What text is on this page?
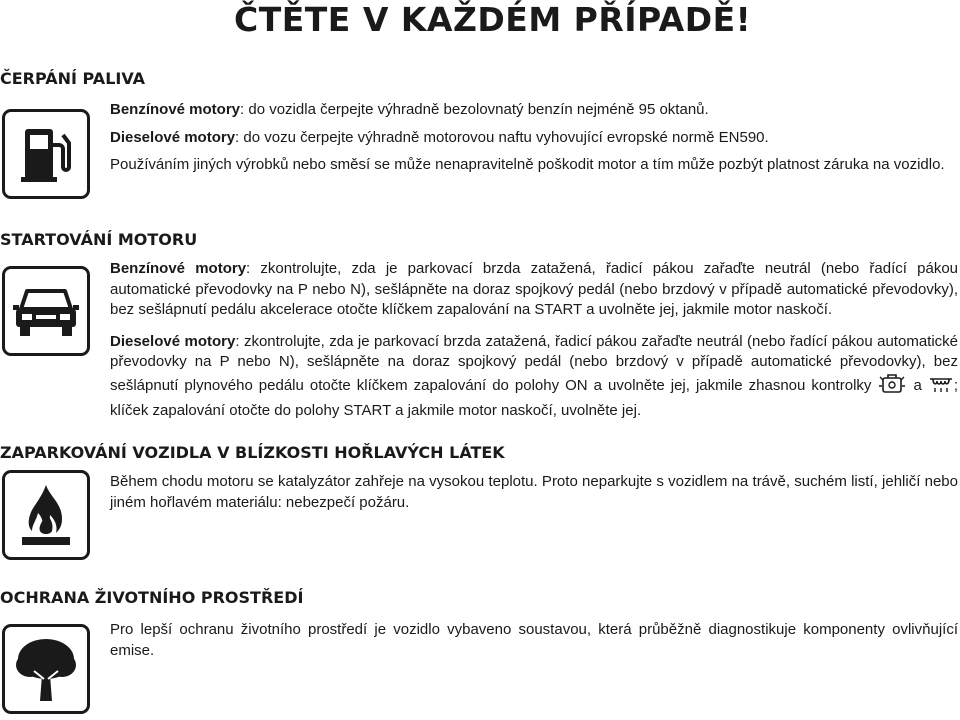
ČTĚTE V KAŽDÉM PŘÍPADĚ!
ČERPÁNÍ PALIVA

Benzínové motory: do vozidla čerpejte výhradně bezolovnatý benzín nejméně 95 oktanů.

Dieselové motory: do vozu čerpejte výhradně motorovou naftu vyhovující evropské normě EN590.

Používáním jiných výrobků nebo směsí se může nenapravitelně poškodit motor a tím může pozbýt platnost záruka na vozidlo.

STARTOVÁNÍ MOTORU

Benzínové motory: zkontrolujte, zda je parkovací brzda zatažená, řadicí pákou zařaďte neutrál (nebo řadící pákou automatické převodovky na P nebo N), sešlápněte na doraz spojkový pedál (nebo brzdový v případě automatické převodovky), bez sešlápnutí pedálu akcelerace otočte klíčkem zapalování na START a uvolněte jej, jakmile motor naskočí.

Dieselové motory: zkontrolujte, zda je parkovací brzda zatažená, řadicí pákou zařaďte neutrál (nebo řadící pákou automatické převodovky na P nebo N), sešlápněte na doraz spojkový pedál (nebo brzdový v případě automatické převodovky), bez sešlápnutí plynového pedálu otočte klíčkem zapalování do polohy ON a uvolněte jej, jakmile zhasnou kontrolky	a ; klíček zapalování otočte do polohy START a jakmile motor naskočí, uvolněte jej.

ZAPARKOVÁNÍ VOZIDLA V BLÍZKOSTI HOŘLAVÝCH LÁTEK

Během chodu motoru se katalyzátor zahřeje na vysokou teplotu. Proto neparkujte s vozidlem na trávě, suchém listí, jehličí nebo jiném hořlavém materiálu: nebezpečí požáru.

OCHRANA ŽIVOTNÍHO PROSTŘEDÍ

Pro lepší ochranu životního prostředí je vozidlo vybaveno soustavou, která průběžně diagnostikuje komponenty ovlivňující emise.
